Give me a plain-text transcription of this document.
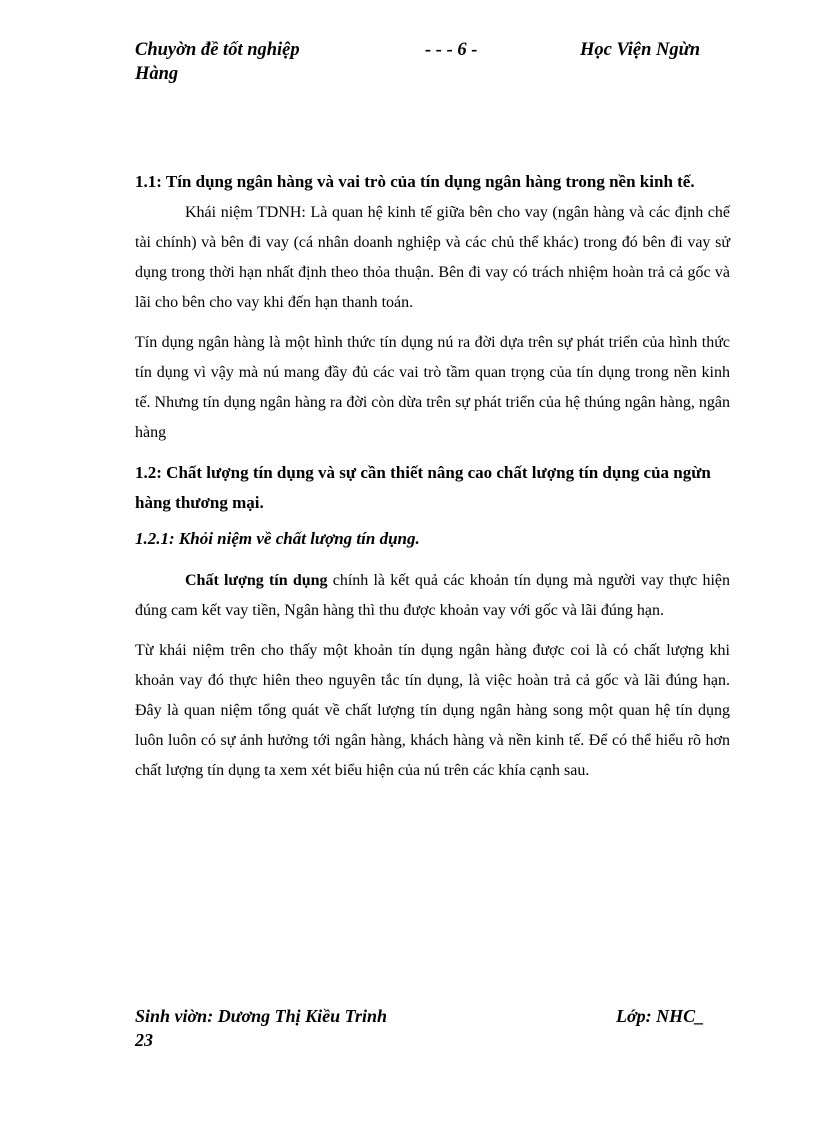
Chuyờn đề tốt nghiệp
Hàng
- - - 6 -	Học Viện Ngừn
1.1: Tín dụng ngân hàng và vai trò của tín dụng ngân hàng trong nền kinh tế.

Khái niệm TDNH: Là quan hệ kinh tế giữa bên cho vay (ngân hàng và các định chế tài chính) và bên đi vay (cá nhân doanh nghiệp và các chủ thể khác) trong đó bên đi vay sử dụng trong thời hạn nhất định theo thỏa thuận. Bên đi vay có trách nhiệm hoàn trả cả gốc và lãi cho bên cho vay khi đến hạn thanh toán.

Tín dụng ngân hàng là một hình thức tín dụng nú ra đời dựa trên sự phát triển của hình thức tín dụng vì vậy mà nú mang đầy đủ các vai trò tầm quan trọng của tín dụng trong nền kinh tế. Nhưng tín dụng ngân hàng ra đời còn dừa trên sự phát triển của hệ thúng ngân hàng, ngân hàng

1.2: Chất lượng tín dụng và sự cần thiết nâng cao chất lượng tín dụng của ngừn hàng thương mại.
1.2.1: Khỏi niệm về chất lượng tín dụng.

Chất lượng tín dụng chính là kết quả các khoản tín dụng mà người vay thực hiện đúng cam kết vay tiền, Ngân hàng thì thu được khoản vay với gốc và lãi đúng hạn.

Từ khái niệm trên cho thấy một khoản tín dụng ngân hàng được coi là có chất lượng khi khoản vay đó thực hiên theo nguyên tắc tín dụng, là việc hoàn trả cả gốc và lãi đúng hạn. Đây là quan niệm tổng quát về chất lượng tín dụng ngân hàng song một quan hệ tín dụng luôn luôn có sự ảnh hưởng tới ngân hàng, khách hàng và nền kinh tế. Để có thể hiểu rõ hơn chất lượng tín dụng ta xem xét biểu hiện của nú trên các khía cạnh sau.

Sinh viờn: Dương Thị Kiều Trinh
23
Lớp: NHC_
